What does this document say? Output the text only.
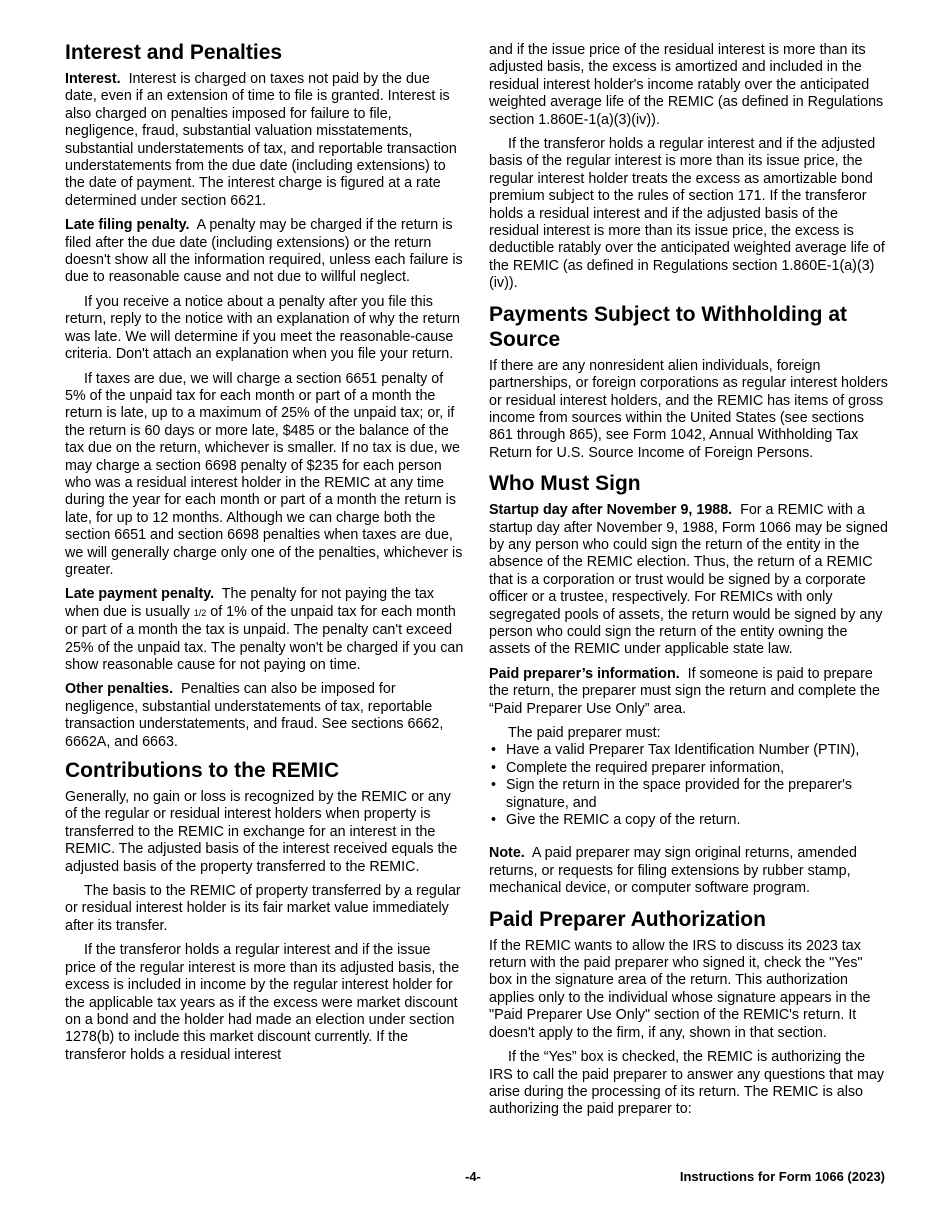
Interest and Penalties

Interest. Interest is charged on taxes not paid by the due date, even if an extension of time to file is granted. Interest is also charged on penalties imposed for failure to file, negligence, fraud, substantial valuation misstatements, substantial understatements of tax, and reportable transaction understatements from the due date (including extensions) to the date of payment. The interest charge is figured at a rate determined under section 6621.

Late filing penalty. A penalty may be charged if the return is filed after the due date (including extensions) or the return doesn't show all the information required, unless each failure is due to reasonable cause and not due to willful neglect.

If you receive a notice about a penalty after you file this return, reply to the notice with an explanation of why the return was late. We will determine if you meet the reasonable-cause criteria. Don't attach an explanation when you file your return.

If taxes are due, we will charge a section 6651 penalty of 5% of the unpaid tax for each month or part of a month the return is late, up to a maximum of 25% of the unpaid tax; or, if the return is 60 days or more late, $485 or the balance of the tax due on the return, whichever is smaller. If no tax is due, we may charge a section 6698 penalty of $235 for each person who was a residual interest holder in the REMIC at any time during the year for each month or part of a month the return is late, for up to 12 months. Although we can charge both the section 6651 and section 6698 penalties when taxes are due, we will generally charge only one of the penalties, whichever is greater.

Late payment penalty. The penalty for not paying the tax when due is usually 1/2 of 1% of the unpaid tax for each month or part of a month the tax is unpaid. The penalty can't exceed 25% of the unpaid tax. The penalty won't be charged if you can show reasonable cause for not paying on time.

Other penalties. Penalties can also be imposed for negligence, substantial understatements of tax, reportable transaction understatements, and fraud. See sections 6662, 6662A, and 6663.

Contributions to the REMIC

Generally, no gain or loss is recognized by the REMIC or any of the regular or residual interest holders when property is transferred to the REMIC in exchange for an interest in the REMIC. The adjusted basis of the interest received equals the adjusted basis of the property transferred to the REMIC.

The basis to the REMIC of property transferred by a regular or residual interest holder is its fair market value immediately after its transfer.

If the transferor holds a regular interest and if the issue price of the regular interest is more than its adjusted basis, the excess is included in income by the regular interest holder for the applicable tax years as if the excess were market discount on a bond and the holder had made an election under section 1278(b) to include this market discount currently. If the transferor holds a residual interest

and if the issue price of the residual interest is more than its adjusted basis, the excess is amortized and included in the residual interest holder's income ratably over the anticipated weighted average life of the REMIC (as defined in Regulations section 1.860E-1(a)(3)(iv)).

If the transferor holds a regular interest and if the adjusted basis of the regular interest is more than its issue price, the regular interest holder treats the excess as amortizable bond premium subject to the rules of section 171. If the transferor holds a residual interest and if the adjusted basis of the residual interest is more than its issue price, the excess is deductible ratably over the anticipated weighted average life of the REMIC (as defined in Regulations section 1.860E-1(a)(3)(iv)).

Payments Subject to Withholding at Source

If there are any nonresident alien individuals, foreign partnerships, or foreign corporations as regular interest holders or residual interest holders, and the REMIC has items of gross income from sources within the United States (see sections 861 through 865), see Form 1042, Annual Withholding Tax Return for U.S. Source Income of Foreign Persons.

Who Must Sign

Startup day after November 9, 1988. For a REMIC with a startup day after November 9, 1988, Form 1066 may be signed by any person who could sign the return of the entity in the absence of the REMIC election. Thus, the return of a REMIC that is a corporation or trust would be signed by a corporate officer or a trustee, respectively. For REMICs with only segregated pools of assets, the return would be signed by any person who could sign the return of the entity owning the assets of the REMIC under applicable state law.

Paid preparer’s information. If someone is paid to prepare the return, the preparer must sign the return and complete the “Paid Preparer Use Only” area.

The paid preparer must:

• Have a valid Preparer Tax Identification Number (PTIN),
• Complete the required preparer information,
• Sign the return in the space provided for the preparer's signature, and
• Give the REMIC a copy of the return.

Note. A paid preparer may sign original returns, amended returns, or requests for filing extensions by rubber stamp, mechanical device, or computer software program.

Paid Preparer Authorization

If the REMIC wants to allow the IRS to discuss its 2023 tax return with the paid preparer who signed it, check the "Yes" box in the signature area of the return. This authorization applies only to the individual whose signature appears in the "Paid Preparer Use Only" section of the REMIC's return. It doesn't apply to the firm, if any, shown in that section.

If the “Yes” box is checked, the REMIC is authorizing the IRS to call the paid preparer to answer any questions that may arise during the processing of its return. The REMIC is also authorizing the paid preparer to:

-4-	Instructions for Form 1066 (2023)
